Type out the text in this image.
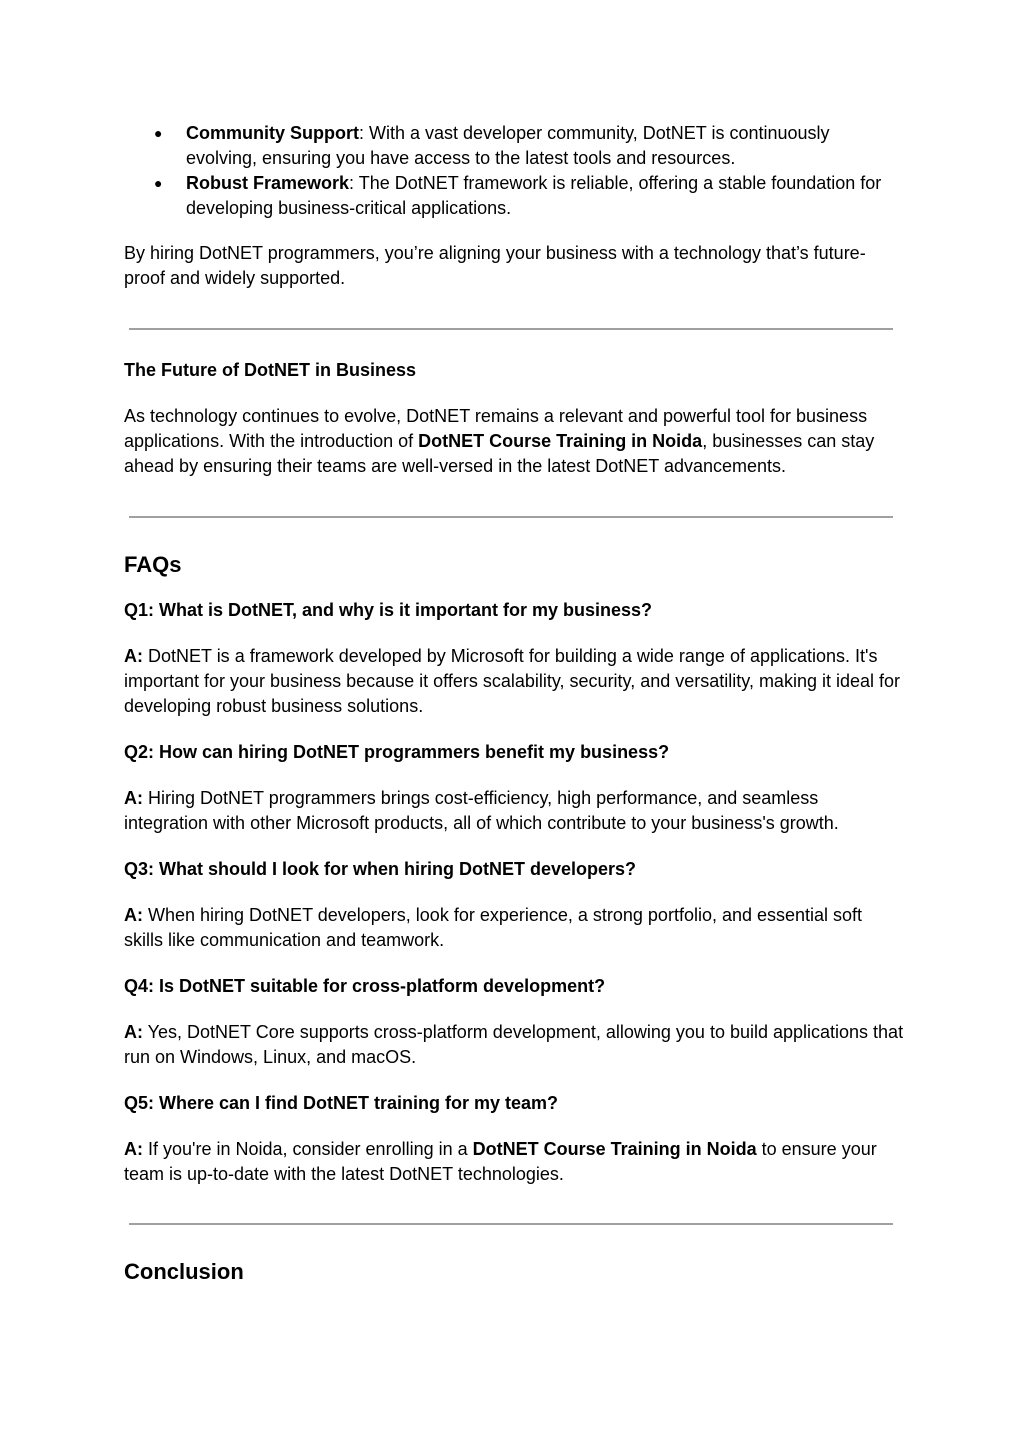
● Community Support: With a vast developer community, DotNET is continuously evolving, ensuring you have access to the latest tools and resources.
● Robust Framework: The DotNET framework is reliable, offering a stable foundation for developing business-critical applications.

By hiring DotNET programmers, you’re aligning your business with a technology that’s future-proof and widely supported.

The Future of DotNET in Business

As technology continues to evolve, DotNET remains a relevant and powerful tool for business applications. With the introduction of DotNET Course Training in Noida, businesses can stay ahead by ensuring their teams are well-versed in the latest DotNET advancements.

FAQs
Q1: What is DotNET, and why is it important for my business?

A: DotNET is a framework developed by Microsoft for building a wide range of applications. It's important for your business because it offers scalability, security, and versatility, making it ideal for developing robust business solutions.

Q2: How can hiring DotNET programmers benefit my business?

A: Hiring DotNET programmers brings cost-efficiency, high performance, and seamless integration with other Microsoft products, all of which contribute to your business's growth.

Q3: What should I look for when hiring DotNET developers?

A: When hiring DotNET developers, look for experience, a strong portfolio, and essential soft skills like communication and teamwork.

Q4: Is DotNET suitable for cross-platform development?

A: Yes, DotNET Core supports cross-platform development, allowing you to build applications that run on Windows, Linux, and macOS.

Q5: Where can I find DotNET training for my team?

A: If you're in Noida, consider enrolling in a DotNET Course Training in Noida to ensure your team is up-to-date with the latest DotNET technologies.

Conclusion
